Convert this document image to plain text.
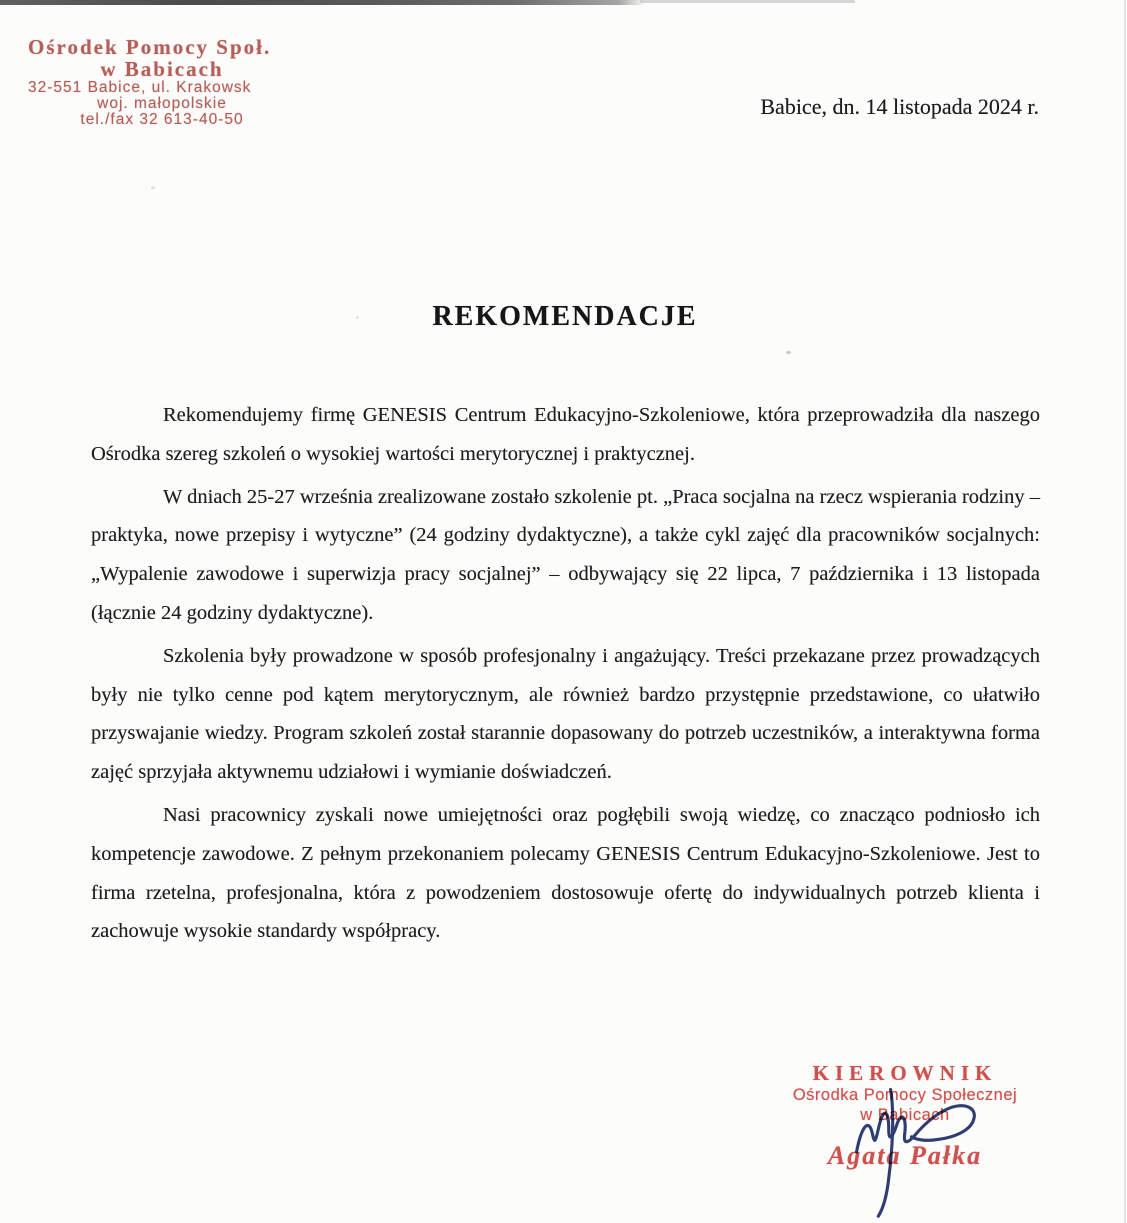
Ośrodek Pomocy Społ.
w Babicach
32-551 Babice, ul. Krakowsk
woj. małopolskie
tel./fax 32 613-40-50
Babice, dn. 14 listopada 2024 r.
REKOMENDACJE

Rekomendujemy firmę GENESIS Centrum Edukacyjno-Szkoleniowe, która przeprowadziła dla naszego Ośrodka szereg szkoleń o wysokiej wartości merytorycznej i praktycznej.

W dniach 25-27 września zrealizowane zostało szkolenie pt. „Praca socjalna na rzecz wspierania rodziny – praktyka, nowe przepisy i wytyczne” (24 godziny dydaktyczne), a także cykl zajęć dla pracowników socjalnych: „Wypalenie zawodowe i superwizja pracy socjalnej” – odbywający się 22 lipca, 7 października i 13 listopada (łącznie 24 godziny dydaktyczne).

Szkolenia były prowadzone w sposób profesjonalny i angażujący. Treści przekazane przez prowadzących były nie tylko cenne pod kątem merytorycznym, ale również bardzo przystępnie przedstawione, co ułatwiło przyswajanie wiedzy. Program szkoleń został starannie dopasowany do potrzeb uczestników, a interaktywna forma zajęć sprzyjała aktywnemu udziałowi i wymianie doświadczeń.

Nasi pracownicy zyskali nowe umiejętności oraz pogłębili swoją wiedzę, co znacząco podniosło ich kompetencje zawodowe. Z pełnym przekonaniem polecamy GENESIS Centrum Edukacyjno-Szkoleniowe. Jest to firma rzetelna, profesjonalna, która z powodzeniem dostosowuje ofertę do indywidualnych potrzeb klienta i zachowuje wysokie standardy współpracy.

KIEROWNIK
Ośrodka Pomocy Społecznej
w Babicach
Agata Pałka
